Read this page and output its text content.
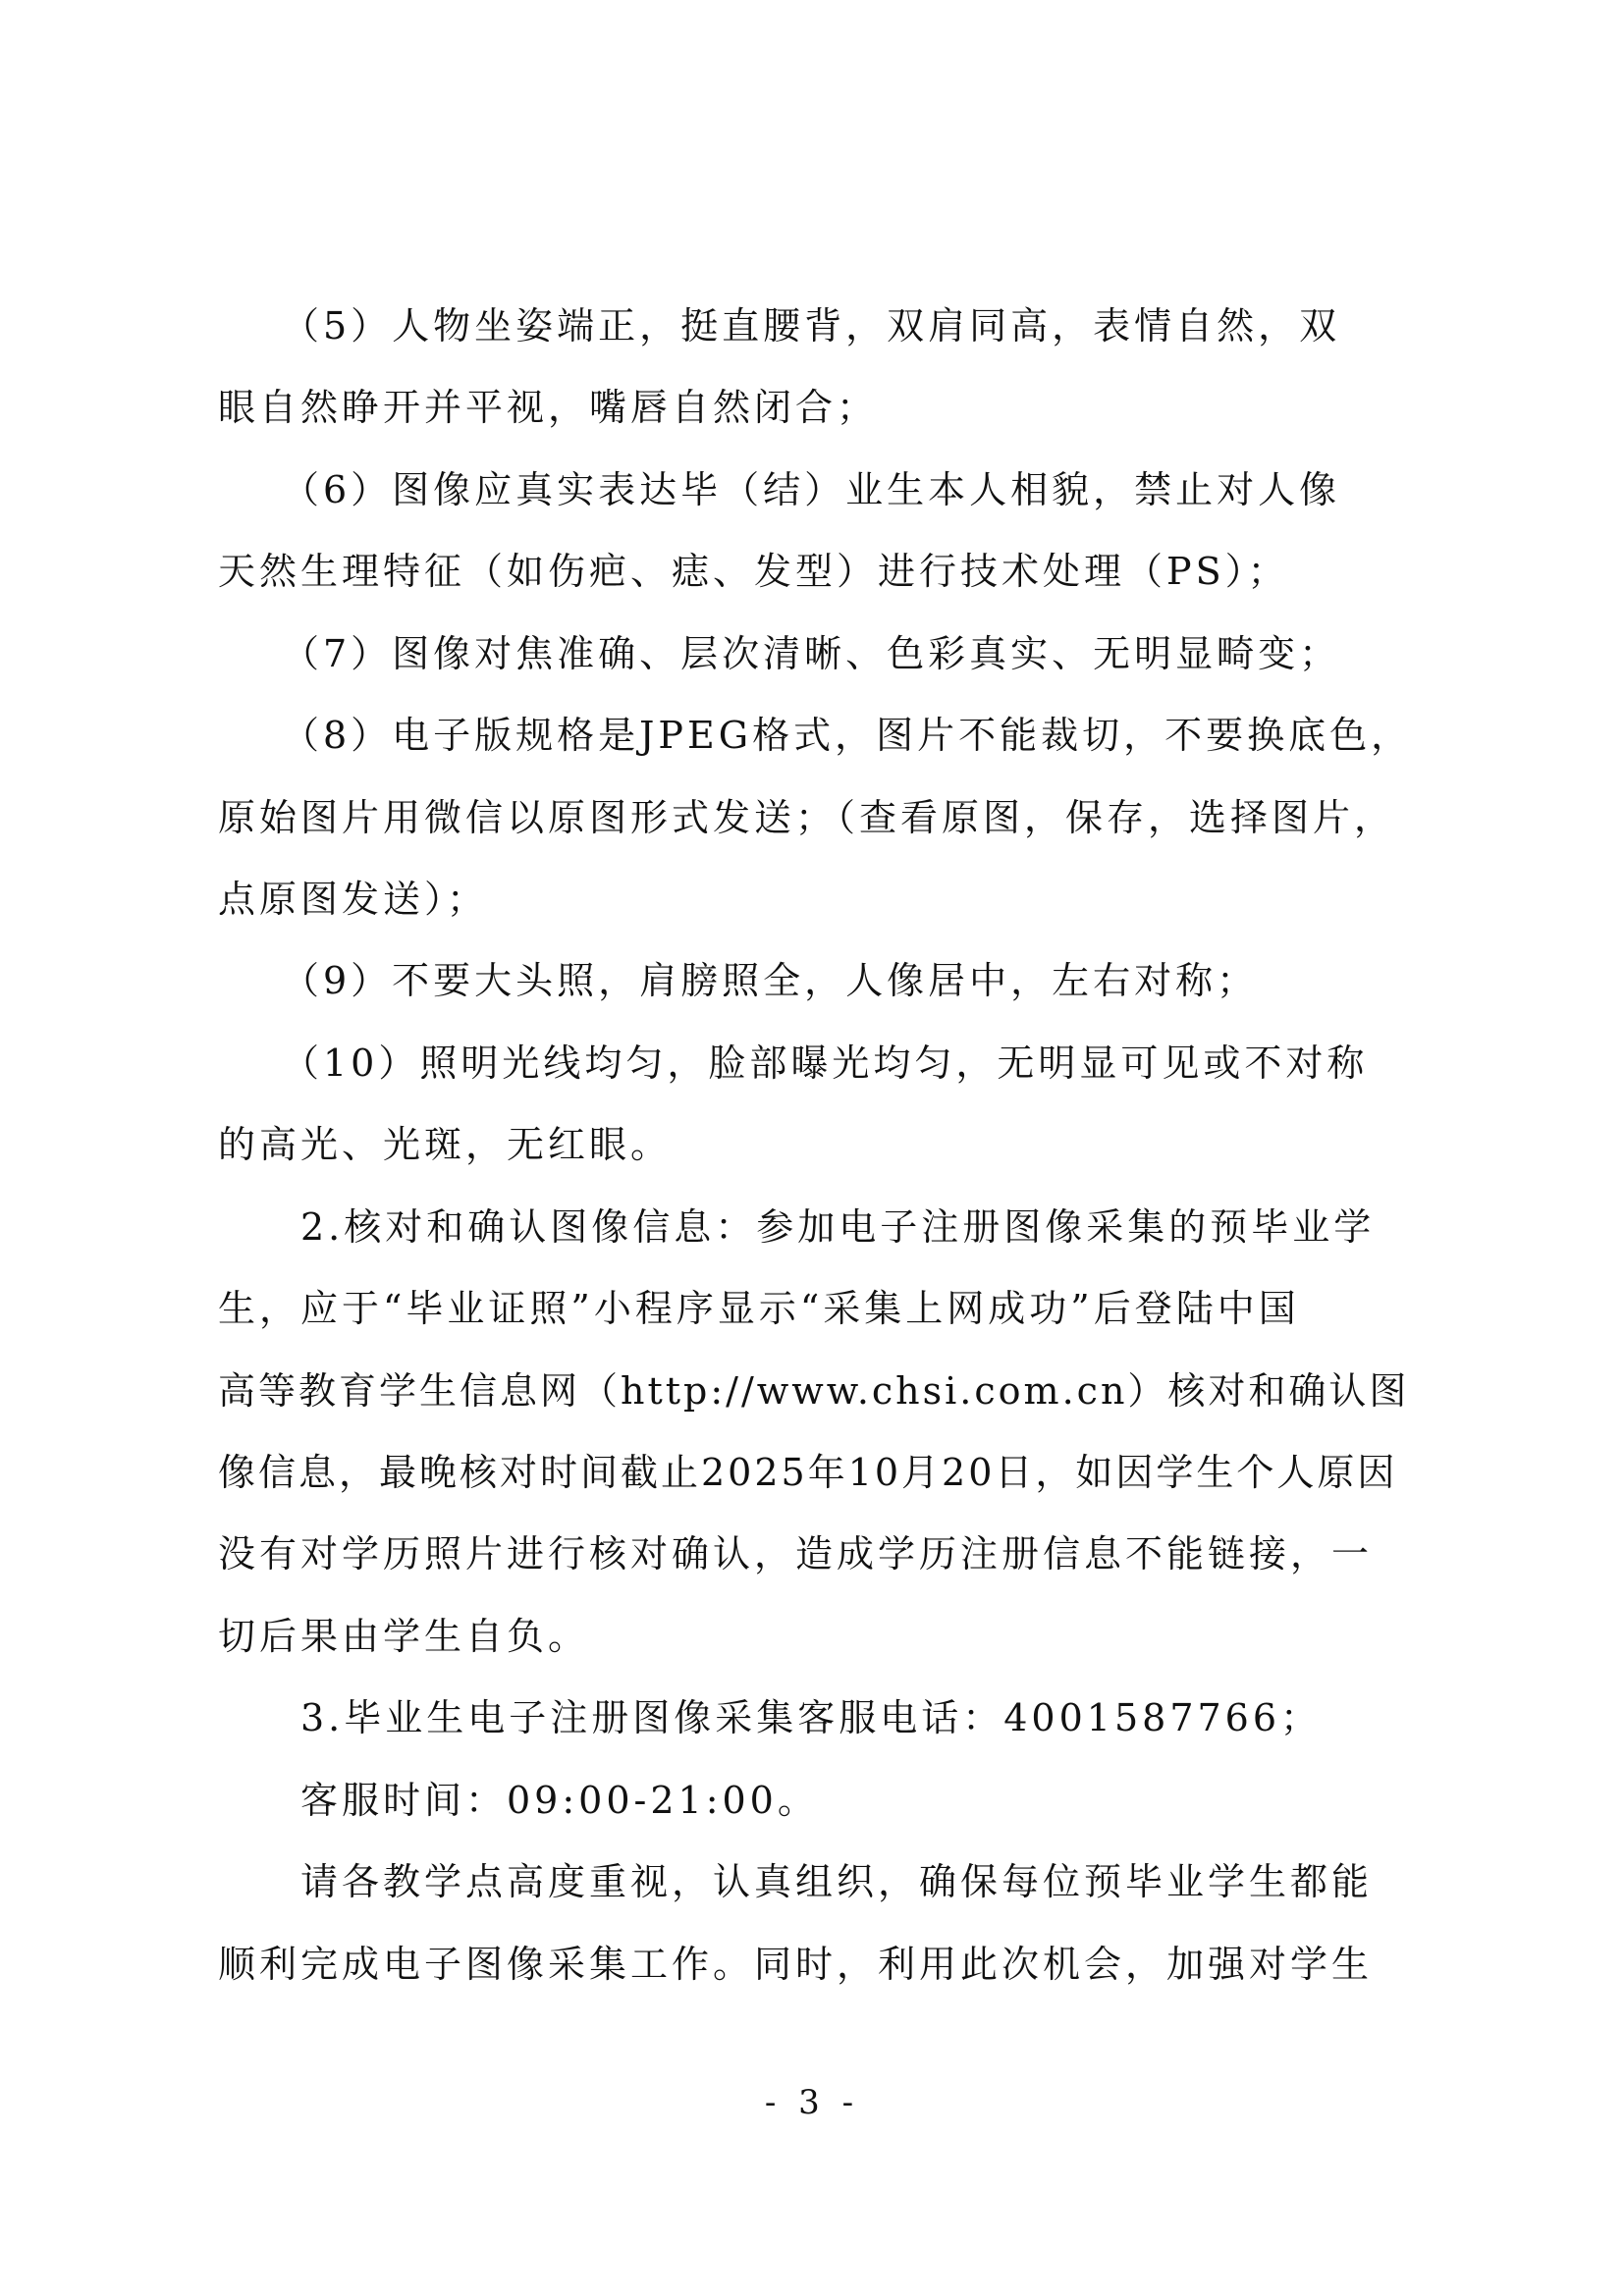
　　（5）人物坐姿端正，挺直腰背，双肩同高，表情自然，双
眼自然睁开并平视，嘴唇自然闭合；
　　（6）图像应真实表达毕（结）业生本人相貌，禁止对人像
天然生理特征（如伤疤、痣、发型）进行技术处理（PS）；
　　（7）图像对焦准确、层次清晰、色彩真实、无明显畸变；
　　（8）电子版规格是JPEG格式，图片不能裁切，不要换底色，
原始图片用微信以原图形式发送；（查看原图，保存，选择图片，
点原图发送）；
　　（9）不要大头照，肩膀照全，人像居中，左右对称；
　　（10）照明光线均匀，脸部曝光均匀，无明显可见或不对称
的高光、光斑，无红眼。
　　2.核对和确认图像信息：参加电子注册图像采集的预毕业学
生，应于“毕业证照”小程序显示“采集上网成功”后登陆中国
高等教育学生信息网（http://www.chsi.com.cn）核对和确认图
像信息，最晚核对时间截止2025年10月20日，如因学生个人原因
没有对学历照片进行核对确认，造成学历注册信息不能链接，一
切后果由学生自负。
　　3.毕业生电子注册图像采集客服电话：4001587766；
　　客服时间：09:00-21:00。
　　请各教学点高度重视，认真组织，确保每位预毕业学生都能
顺利完成电子图像采集工作。同时，利用此次机会，加强对学生
- 3 -
